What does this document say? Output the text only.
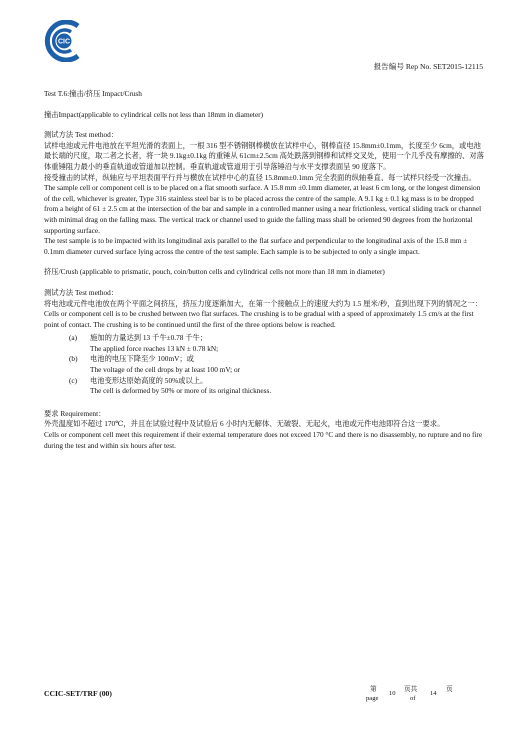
CIC
报告编号 Rep No. SET2015-12115

Test T.6:撞击/挤压 Impact/Crush

撞击Impact(applicable to cylindrical cells not less than 18mm in diameter)

测试方法 Test method：

试样电池或元件电池放在平坦光滑的表面上，一根 316 型不锈钢钢棒横放在试样中心，钢棒直径 15.8mm±0.1mm，长度至少 6cm，或电池最长端的尺度，取二者之长者，将一块 9.1kg±0.1kg 的重锤从 61cm±2.5cm 高处跌落到钢棒和试样交叉处，使用一个几乎没有摩擦的、对落体重锤阻力最小的垂直轨道或管道加以控制。垂直轨道或管道用于引导落锤沿与水平支撑表面呈 90 度落下。

接受撞击的试样，纵轴应与平坦表面平行并与横放在试样中心的直径 15.8mm±0.1mm 完全表面的纵轴垂直、每一试样只经受一次撞击。

The sample cell or component cell is to be placed on a flat smooth surface. A 15.8 mm ±0.1mm diameter, at least 6 cm long, or the longest dimension of the cell, whichever is greater, Type 316 stainless steel bar is to be placed across the centre of the sample. A 9.1 kg ± 0.1 kg mass is to be dropped from a height of 61 ± 2.5 cm at the intersection of the bar and sample in a controlled manner using a near frictionless, vertical sliding track or channel with minimal drag on the falling mass. The vertical track or channel used to guide the falling mass shall be oriented 90 degrees from the horizontal supporting surface.

The test sample is to be impacted with its longitudinal axis parallel to the flat surface and perpendicular to the longitudinal axis of the 15.8 mm ± 0.1mm diameter curved surface lying across the centre of the test sample. Each sample is to be subjected to only a single impact.

挤压/Crush (applicable to prismatic, pouch, coin/button cells and cylindrical cells not more than 18 mm in diameter)

测试方法 Test method：

将电池或元件电池放在两个平面之间挤压，挤压力度逐渐加大，在第一个接触点上的速度大约为 1.5 厘米/秒，直到出现下列的情况之一：

Cells or component cell is to be crushed between two flat surfaces. The crushing is to be gradual with a speed of approximately 1.5 cm/s at the first point of contact. The crushing is to be continued until the first of the three options below is reached.

(a)	施加的力量达到 13 千牛±0.78 千牛；
The applied force reaches 13 kN ± 0.78 kN;
(b)	电池的电压下降至少 100mV；或
The voltage of the cell drops by at least 100 mV; or
(c)	电池变形达原始高度的 50%或以上。
The cell is deformed by 50% or more of its original thickness.

要求 Requirement：

外壳温度如不超过 170℃，并且在试验过程中及试验后 6 小时内无解体、无破裂、无起火，电池或元件电池即符合这一要求。

Cells or component cell meet this requirement if their external temperature does not exceed 170 °C and there is no disassembly, no rupture and no fire during the test and within six hours after test.

CCIC-SET/TRF (00)	第
page
10
页共
of
14
页
